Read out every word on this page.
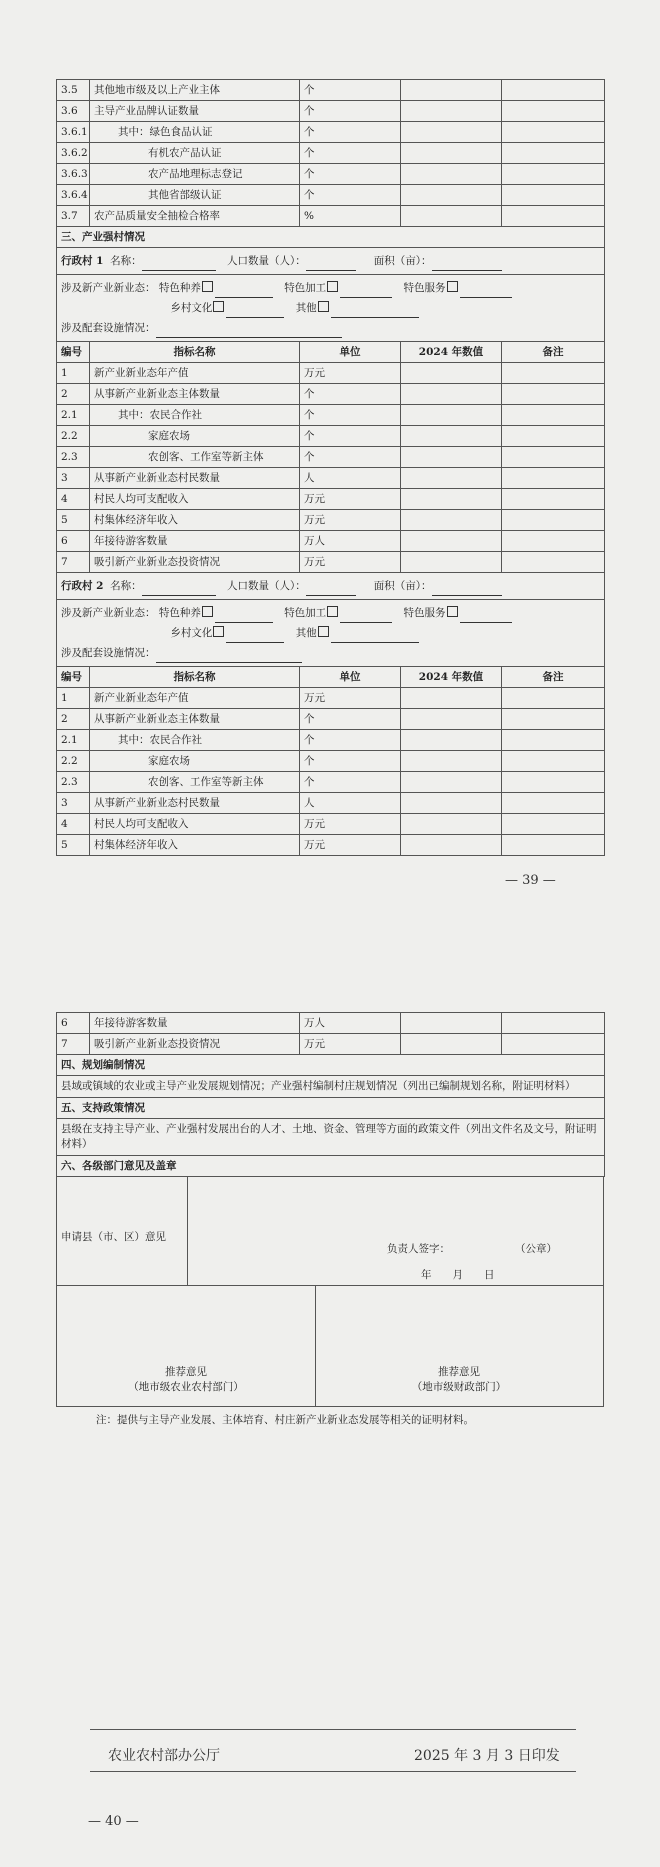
3.5	其他地市级及以上产业主体	个		
3.6	主导产业品牌认证数量	个		
3.6.1	其中：绿色食品认证	个		
3.6.2	有机农产品认证	个		
3.6.3	农产品地理标志登记	个		
3.6.4	其他省部级认证	个		
3.7	农产品质量安全抽检合格率	%		
三、产业强村情况				
行政村 1 名称： 人口数量（人）： 面积（亩）：				
涉及新产业新业态： 特色种养 特色加工 特色服务
乡村文化 其他
涉及配套设施情况：				
编号	指标名称	单位	2024 年数值	备注
1	新产业新业态年产值	万元		
2	从事新产业新业态主体数量	个		
2.1	其中：农民合作社	个		
2.2	家庭农场	个		
2.3	农创客、工作室等新主体	个		
3	从事新产业新业态村民数量	人		
4	村民人均可支配收入	万元		
5	村集体经济年收入	万元		
6	年接待游客数量	万人		
7	吸引新产业新业态投资情况	万元		
行政村 2 名称： 人口数量（人）： 面积（亩）：				
涉及新产业新业态： 特色种养 特色加工 特色服务
乡村文化 其他
涉及配套设施情况：				
编号	指标名称	单位	2024 年数值	备注
1	新产业新业态年产值	万元		
2	从事新产业新业态主体数量	个		
2.1	其中：农民合作社	个		
2.2	家庭农场	个		
2.3	农创客、工作室等新主体	个		
3	从事新产业新业态村民数量	人		
4	村民人均可支配收入	万元		
5	村集体经济年收入	万元		
— 39 —
6	年接待游客数量	万人		
7	吸引新产业新业态投资情况	万元		
四、规划编制情况				
县域或镇域的农业或主导产业发展规划情况；产业强村编制村庄规划情况（列出已编制规划名称，附证明材料）				
五、支持政策情况				
县级在支持主导产业、产业强村发展出台的人才、土地、资金、管理等方面的政策文件（列出文件名及文号，附证明材料）				
六、各级部门意见及盖章				
申请县（市、区）意见
负责人签字：	（公章）
年　　月　　日
推荐意见
（地市级农业农村部门）
推荐意见
（地市级财政部门）
注：提供与主导产业发展、主体培育、村庄新产业新业态发展等相关的证明材料。
农业农村部办公厅	2025 年 3 月 3 日印发
— 40 —
